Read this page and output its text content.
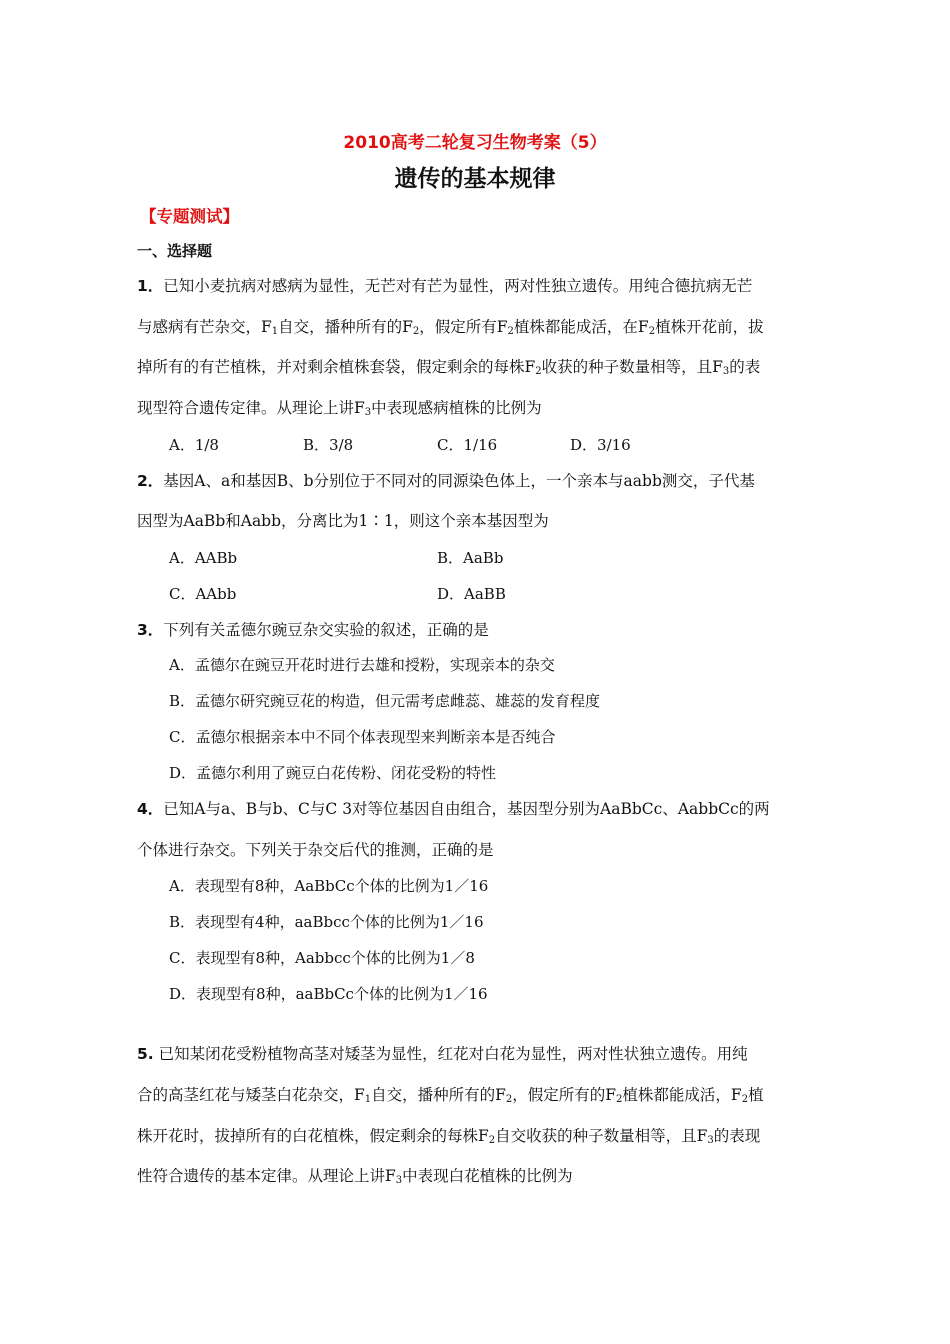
2010高考二轮复习生物考案（5）
遗传的基本规律
【专题测试】
一、选择题
1．已知小麦抗病对感病为显性，无芒对有芒为显性，两对性独立遗传。用纯合德抗病无芒
与感病有芒杂交，$F_1$自交，播种所有的$F_2$，假定所有$F_2$植株都能成活，在$F_2$植株开花前，拔
掉所有的有芒植株，并对剩余植株套袋，假定剩余的每株$F_2$收获的种子数量相等，且$F_3$的表
现型符合遗传定律。从理论上讲$F_3$中表现感病植株的比例为
A．1/8	B．3/8	C．1/16	D．3/16
2．基因A、a和基因B、b分别位于不同对的同源染色体上，一个亲本与aabb测交，子代基
因型为AaBb和Aabb，分离比为1∶1，则这个亲本基因型为
A．AABb	B．AaBb
C．AAbb	D．AaBB
3．下列有关孟德尔豌豆杂交实验的叙述，正确的是
A．孟德尔在豌豆开花时进行去雄和授粉，实现亲本的杂交
B．孟德尔研究豌豆花的构造，但元需考虑雌蕊、雄蕊的发育程度
C．孟德尔根据亲本中不同个体表现型来判断亲本是否纯合
D．孟德尔利用了豌豆白花传粉、闭花受粉的特性
4．已知A与a、B与b、C与C 3对等位基因自由组合，基因型分别为AaBbCc、AabbCc的两
个体进行杂交。下列关于杂交后代的推测，正确的是
A．表现型有8种，AaBbCc个体的比例为1／16
B．表现型有4种，aaBbcc个体的比例为1／16
C．表现型有8种，Aabbcc个体的比例为1／8
D．表现型有8种，aaBbCc个体的比例为1／16
5. 已知某闭花受粉植物高茎对矮茎为显性，红花对白花为显性，两对性状独立遗传。用纯
合的高茎红花与矮茎白花杂交，$F_1$自交，播种所有的$F_2$，假定所有的$F_2$植株都能成活，$F_2$植
株开花时，拔掉所有的白花植株，假定剩余的每株$F_2$自交收获的种子数量相等，且$F_3$的表现
性符合遗传的基本定律。从理论上讲$F_3$中表现白花植株的比例为
